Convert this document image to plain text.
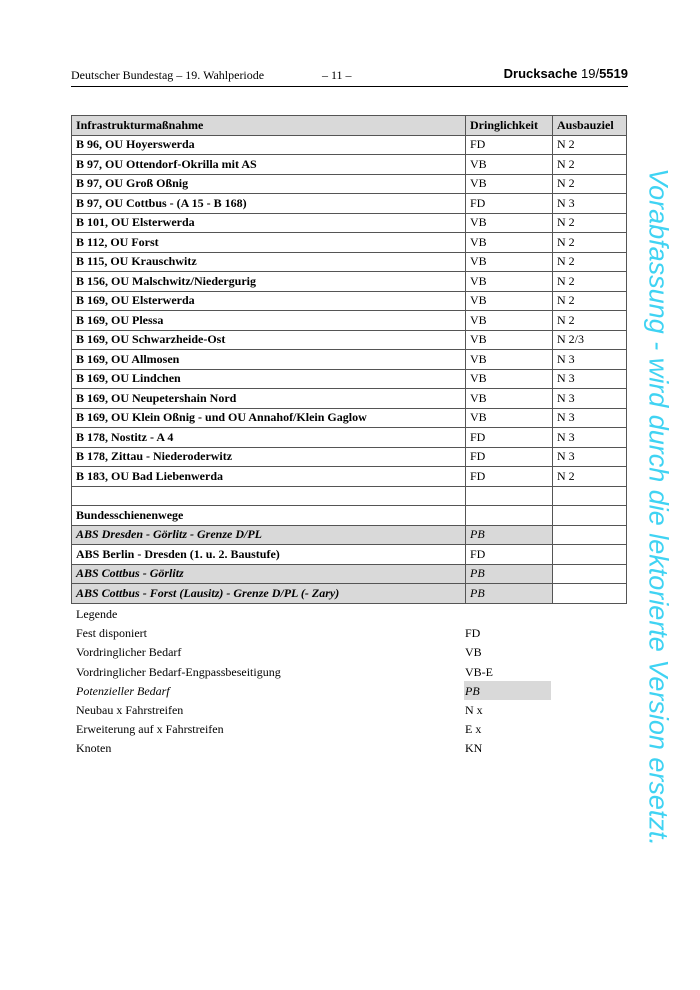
Deutscher Bundestag – 19. Wahlperiode	– 11 –	Drucksache 19/5519
Infrastrukturmaßnahme	Dringlichkeit	Ausbauziel
B 96, OU Hoyerswerda	FD	N 2
B 97, OU Ottendorf-Okrilla mit AS	VB	N 2
B 97, OU Groß Oßnig	VB	N 2
B 97, OU Cottbus - (A 15 - B 168)	FD	N 3
B 101, OU Elsterwerda	VB	N 2
B 112, OU Forst	VB	N 2
B 115, OU Krauschwitz	VB	N 2
B 156, OU Malschwitz/Niedergurig	VB	N 2
B 169, OU Elsterwerda	VB	N 2
B 169, OU Plessa	VB	N 2
B 169, OU Schwarzheide-Ost	VB	N 2/3
B 169, OU Allmosen	VB	N 3
B 169, OU Lindchen	VB	N 3
B 169, OU Neupetershain Nord	VB	N 3
B 169, OU Klein Oßnig - und OU Annahof/Klein Gaglow	VB	N 3
B 178, Nostitz - A 4	FD	N 3
B 178, Zittau - Niederoderwitz	FD	N 3
B 183, OU Bad Liebenwerda	FD	N 2

Bundesschienenwege		
ABS Dresden - Görlitz - Grenze D/PL	PB	
ABS Berlin - Dresden (1. u. 2. Baustufe)	FD	
ABS Cottbus - Görlitz	PB	
ABS Cottbus - Forst (Lausitz) - Grenze D/PL (- Zary)	PB	
Legende
Fest disponiert	FD
Vordringlicher Bedarf	VB
Vordringlicher Bedarf-Engpassbeseitigung	VB-E
Potenzieller Bedarf	PB
Neubau x Fahrstreifen	N x
Erweiterung auf x Fahrstreifen	E x
Knoten	KN	Vorabfassung - wird durch die lektorierte Version ersetzt.
